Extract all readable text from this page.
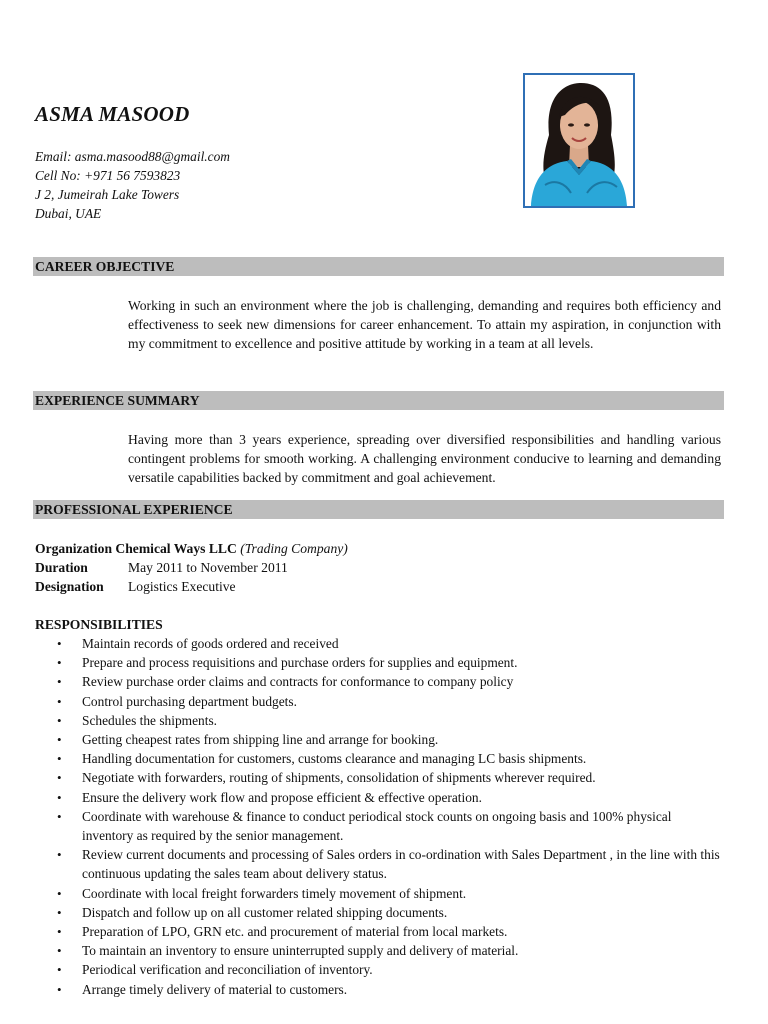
ASMA MASOOD
Email: asma.masood88@gmail.com
Cell No: +971 56 7593823
J 2, Jumeirah Lake Towers
Dubai, UAE
CAREER OBJECTIVE
Working in such an environment where the job is challenging, demanding and requires both efficiency and effectiveness to seek new dimensions for career enhancement. To attain my aspiration, in conjunction with my commitment to excellence and positive attitude by working in a team at all levels.
EXPERIENCE SUMMARY
Having more than 3 years experience, spreading over diversified responsibilities and handling various contingent problems for smooth working. A challenging environment conducive to learning and demanding versatile capabilities backed by commitment and goal achievement.
PROFESSIONAL EXPERIENCE
Organization Chemical Ways LLC (Trading Company)
Duration	May 2011 to November 2011
Designation Logistics Executive
RESPONSIBILITIES
• Maintain records of goods ordered and received
• Prepare and process requisitions and purchase orders for supplies and equipment.
• Review purchase order claims and contracts for conformance to company policy
• Control purchasing department budgets.
• Schedules the shipments.
• Getting cheapest rates from shipping line and arrange for booking.
• Handling documentation for customers, customs clearance and managing LC basis shipments.
• Negotiate with forwarders, routing of shipments, consolidation of shipments wherever required.
• Ensure the delivery work flow and propose efficient & effective operation.
• Coordinate with warehouse & finance to conduct periodical stock counts on ongoing basis and 100% physical inventory as required by the senior management.
• Review current documents and processing of Sales orders in co-ordination with Sales Department , in the line with this continuous updating the sales team about delivery status.
• Coordinate with local freight forwarders timely movement of shipment.
• Dispatch and follow up on all customer related shipping documents.
• Preparation of LPO, GRN etc. and procurement of material from local markets.
• To maintain an inventory to ensure uninterrupted supply and delivery of material.
• Periodical verification and reconciliation of inventory.
• Arrange timely delivery of material to customers.
